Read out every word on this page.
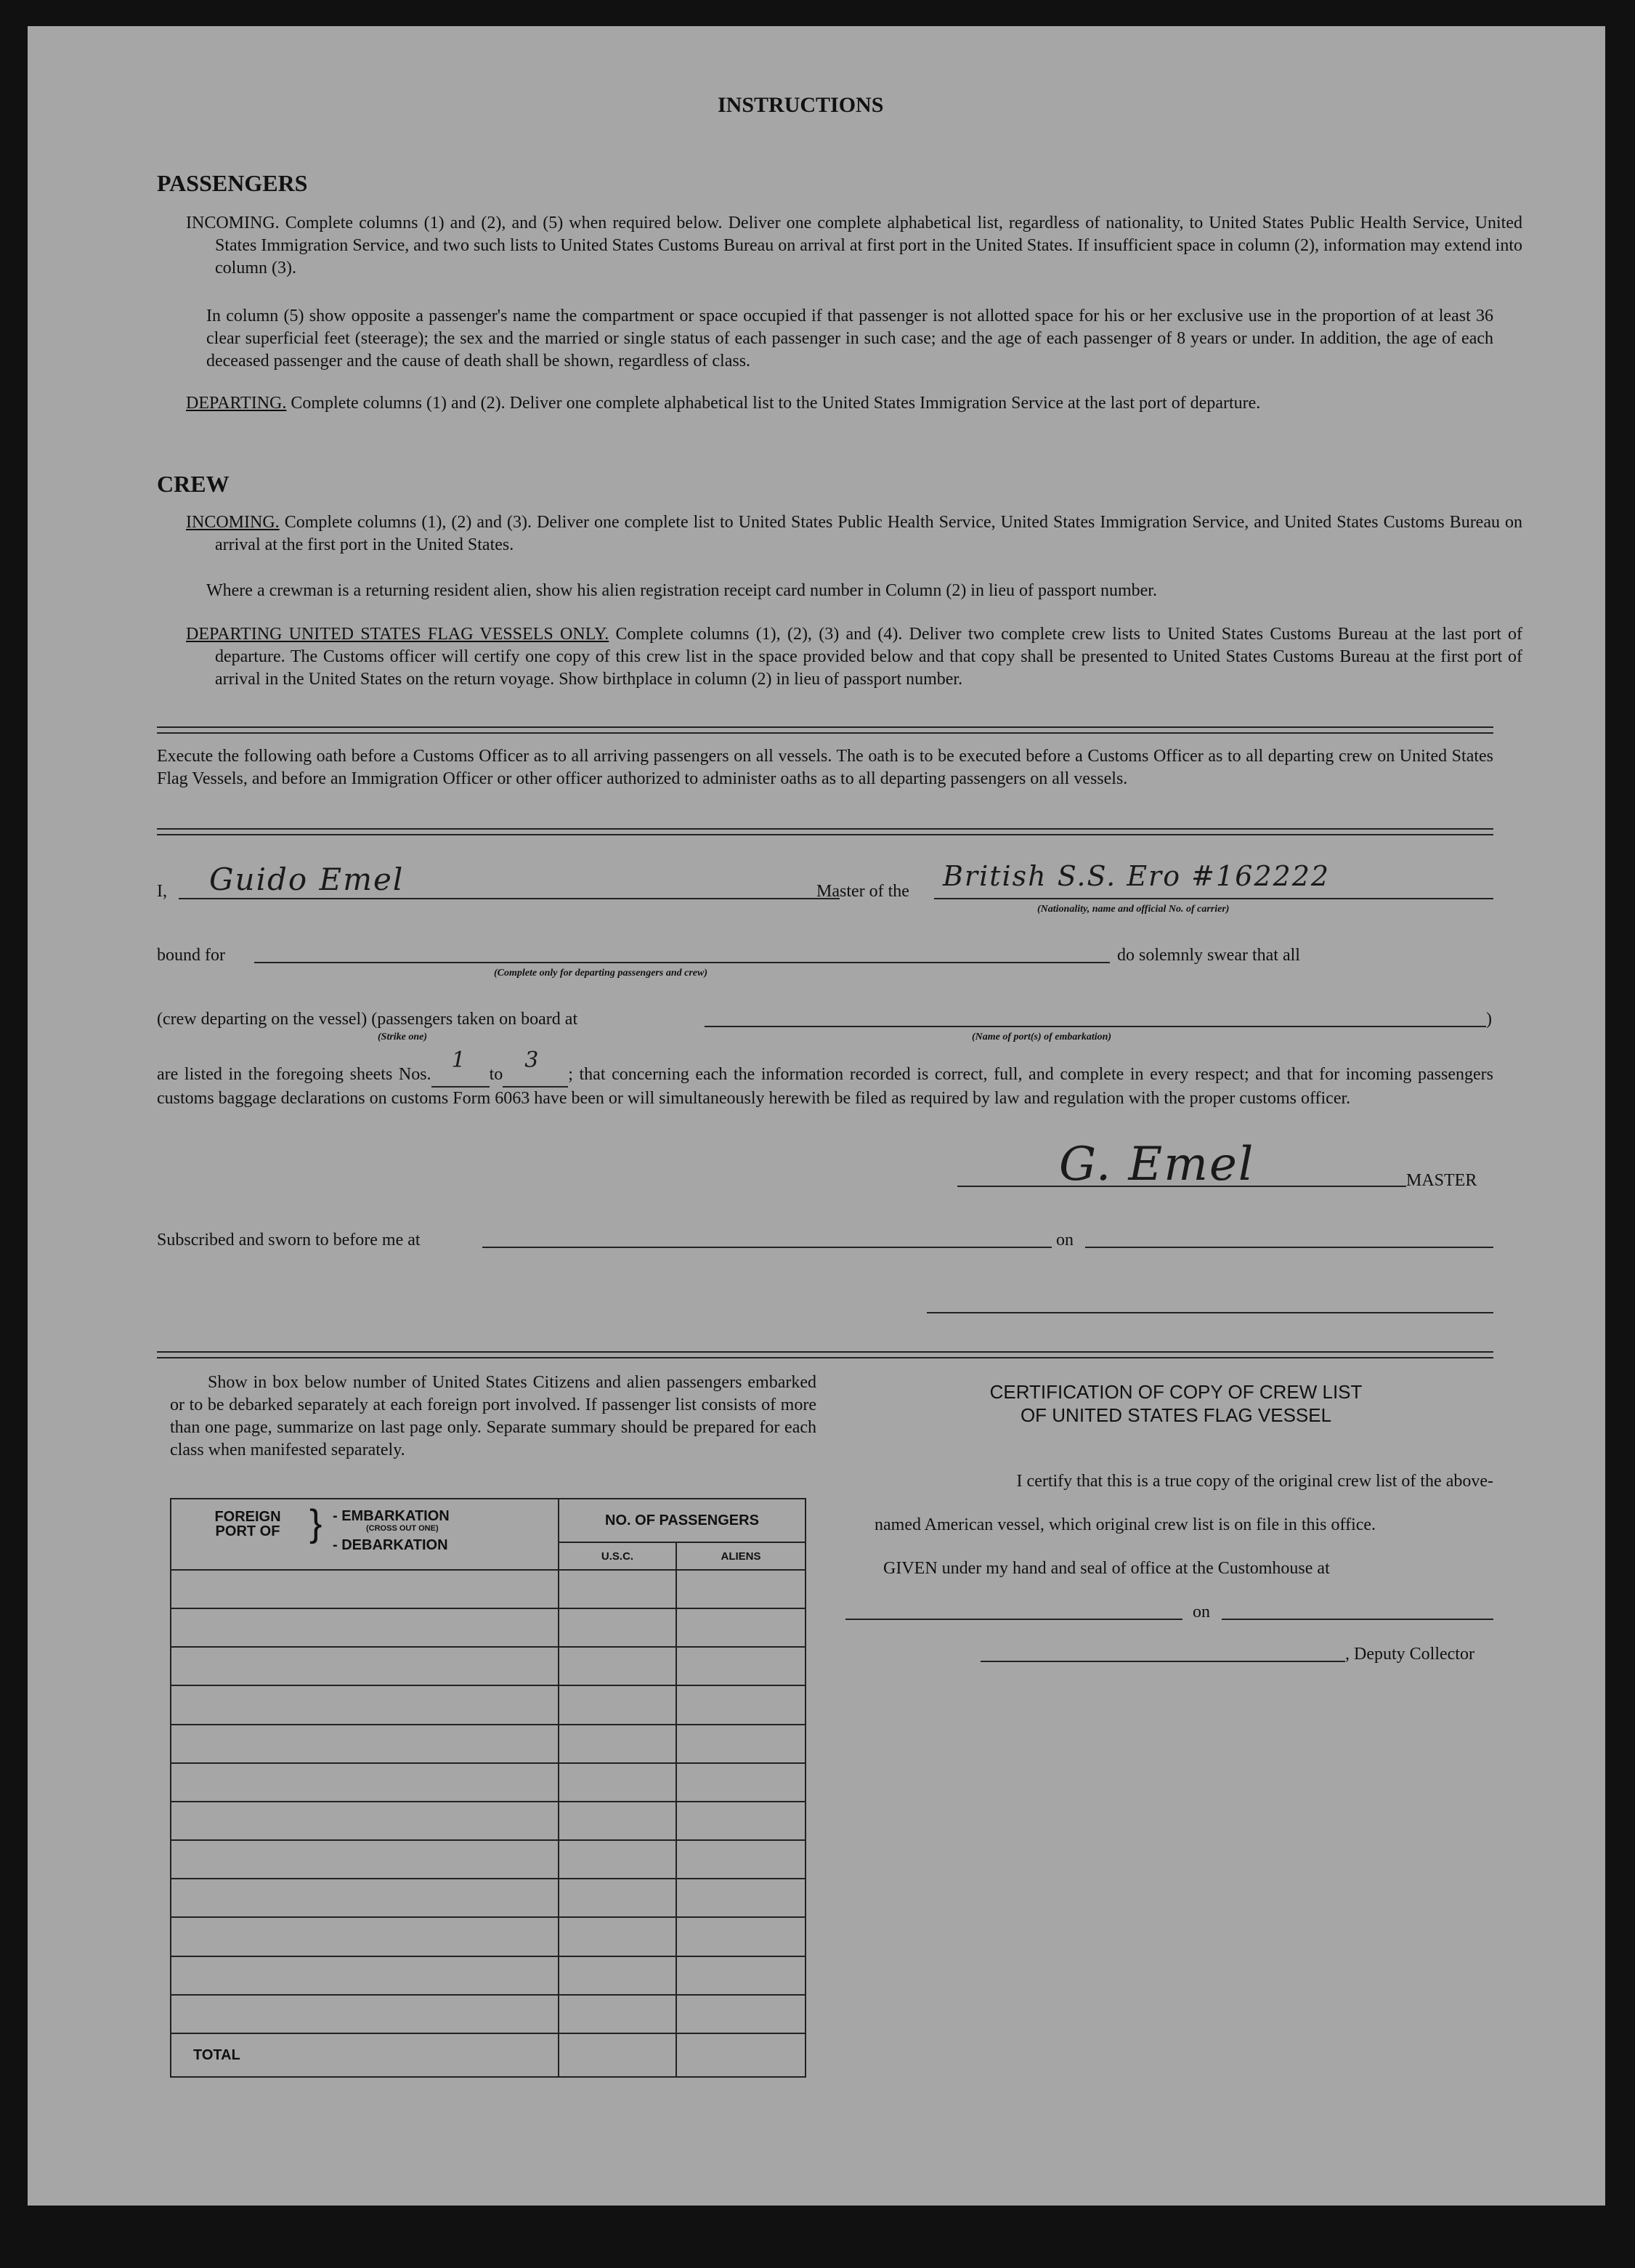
INSTRUCTIONS
PASSENGERS
INCOMING. Complete columns (1) and (2), and (5) when required below. Deliver one complete alphabetical list, regardless of nationality, to United States Public Health Service, United States Immigration Service, and two such lists to United States Customs Bureau on arrival at first port in the United States. If insufficient space in column (2), information may extend into column (3).
In column (5) show opposite a passenger's name the compartment or space occupied if that passenger is not allotted space for his or her exclusive use in the proportion of at least 36 clear superficial feet (steerage); the sex and the married or single status of each passenger in such case; and the age of each passenger of 8 years or under. In addition, the age of each deceased passenger and the cause of death shall be shown, regardless of class.
DEPARTING. Complete columns (1) and (2). Deliver one complete alphabetical list to the United States Immigration Service at the last port of departure.
CREW
INCOMING. Complete columns (1), (2) and (3). Deliver one complete list to United States Public Health Service, United States Immigration Service, and United States Customs Bureau on arrival at the first port in the United States.
Where a crewman is a returning resident alien, show his alien registration receipt card number in Column (2) in lieu of passport number.
DEPARTING UNITED STATES FLAG VESSELS ONLY. Complete columns (1), (2), (3) and (4). Deliver two complete crew lists to United States Customs Bureau at the last port of departure. The Customs officer will certify one copy of this crew list in the space provided below and that copy shall be presented to United States Customs Bureau at the first port of arrival in the United States on the return voyage. Show birthplace in column (2) in lieu of passport number.
Execute the following oath before a Customs Officer as to all arriving passengers on all vessels. The oath is to be executed before a Customs Officer as to all departing crew on United States Flag Vessels, and before an Immigration Officer or other officer authorized to administer oaths as to all departing passengers on all vessels.
I, Guido Emel	Master of the British S.S. Ero #162222
(Nationality, name and official No. of carrier)
bound for
(Complete only for departing passengers and crew)
do solemnly swear that all
(crew departing on the vessel) (passengers taken on board at
(Strike one)	(Name of port(s) of embarkation)
)
are listed in the foregoing sheets Nos.
1
to
3
; that concerning each the information recorded is correct, full, and complete in every respect; and that for incoming passengers customs baggage declarations on customs Form 6063 have been or will simultaneously herewith be filed as required by law and regulation with the proper customs officer.
G. Emel	MASTER
Subscribed and sworn to before me at	on
Show in box below number of United States Citizens and alien passengers embarked or to be debarked separately at each foreign port involved. If passenger list consists of more than one page, summarize on last page only. Separate summary should be prepared for each class when manifested separately.
FOREIGN PORT OF } - EMBARKATION
(CROSS OUT ONE)
- DEBARKATION	NO. OF PASSENGERS	
	U.S.C.	ALIENS

TOTAL		
CERTIFICATION OF COPY OF CREW LIST
OF UNITED STATES FLAG VESSEL
I certify that this is a true copy of the original crew list of the above-
named American vessel, which original crew list is on file in this office.
GIVEN under my hand and seal of office at the Customhouse at
on
, Deputy Collector
